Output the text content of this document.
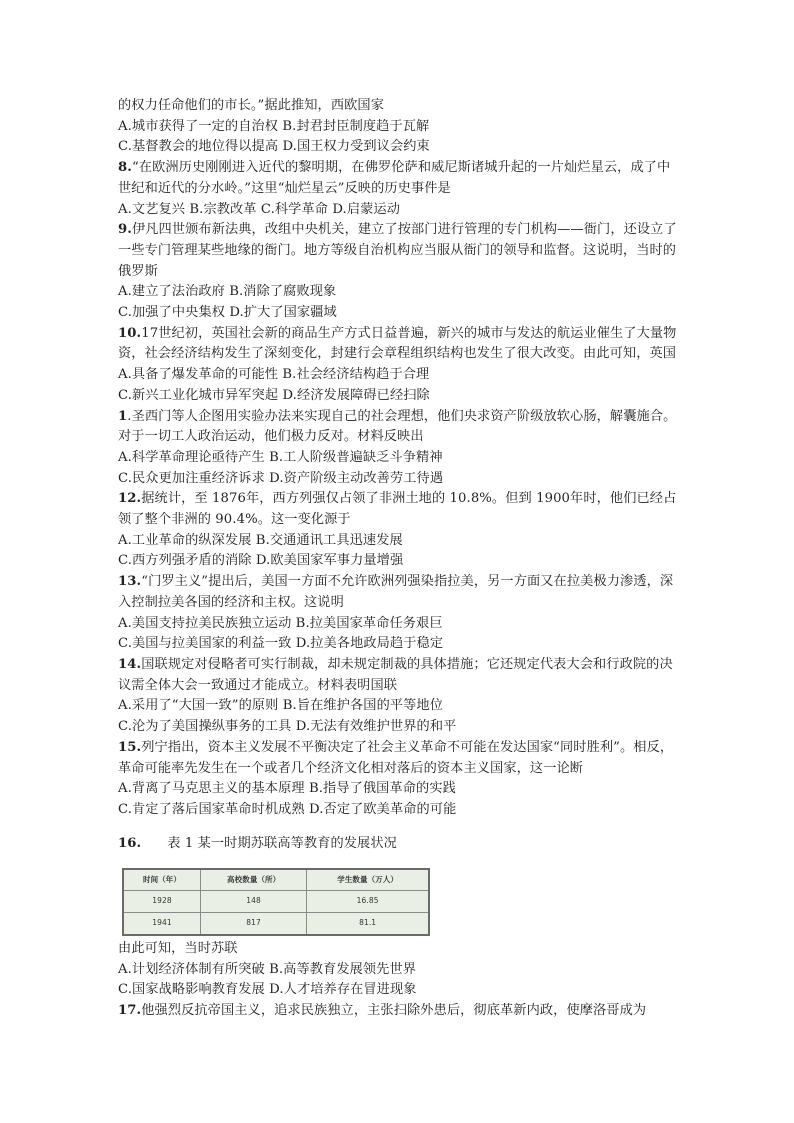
的权力任命他们的市长。”据此推知，西欧国家

A.城市获得了一定的自治权 B.封君封臣制度趋于瓦解

C.基督教会的地位得以提高 D.国王权力受到议会约束

8.“在欧洲历史刚刚进入近代的黎明期，在佛罗伦萨和威尼斯诸城升起的一片灿烂星云，成了中世纪和近代的分水岭。”这里“灿烂星云”反映的历史事件是

A.文艺复兴 B.宗教改革 C.科学革命 D.启蒙运动

9.伊凡四世颁布新法典，改组中央机关，建立了按部门进行管理的专门机构——衙门，还设立了一些专门管理某些地缘的衙门。地方等级自治机构应当服从衙门的领导和监督。这说明，当时的俄罗斯

A.建立了法治政府 B.消除了腐败现象

C.加强了中央集权 D.扩大了国家疆域

10.17世纪初，英国社会新的商品生产方式日益普遍，新兴的城市与发达的航运业催生了大量物资，社会经济结构发生了深刻变化，封建行会章程组织结构也发生了很大改变。由此可知，英国

A.具备了爆发革命的可能性 B.社会经济结构趋于合理

C.新兴工业化城市异军突起 D.经济发展障碍已经扫除

1.圣西门等人企图用实验办法来实现自己的社会理想，他们央求资产阶级放软心肠，解囊施合。对于一切工人政治运动，他们极力反对。材料反映出

A.科学革命理论亟待产生 B.工人阶级普遍缺乏斗争精神

C.民众更加注重经济诉求 D.资产阶级主动改善劳工待遇

12.据统计，至 1876年，西方列强仅占领了非洲土地的 10.8%。但到 1900年时，他们已经占领了整个非洲的 90.4%。这一变化源于

A.工业革命的纵深发展 B.交通通讯工具迅速发展

C.西方列强矛盾的消除 D.欧美国家军事力量增强

13.“门罗主义”提出后，美国一方面不允许欧洲列强染指拉美，另一方面又在拉美极力渗透，深入控制拉美各国的经济和主权。这说明

A.美国支持拉美民族独立运动 B.拉美国家革命任务艰巨

C.美国与拉美国家的利益一致 D.拉美各地政局趋于稳定

14.国联规定对侵略者可实行制裁，却未规定制裁的具体措施；它还规定代表大会和行政院的决议需全体大会一致通过才能成立。材料表明国联

A.采用了“大国一致”的原则 B.旨在维护各国的平等地位

C.沦为了美国操纵事务的工具 D.无法有效维护世界的和平

15.列宁指出，资本主义发展不平衡决定了社会主义革命不可能在发达国家“同时胜利”。相反，革命可能率先发生在一个或者几个经济文化相对落后的资本主义国家，这一论断

A.背离了马克思主义的基本原理 B.指导了俄国革命的实践

C.肯定了落后国家革命时机成熟 D.否定了欧美革命的可能

16. 表 1 某一时期苏联高等教育的发展状况

时间（年）	高校数量（所）	学生数量（万人）
1928	148	16.85
1941	817	81.1

由此可知，当时苏联

A.计划经济体制有所突破 B.高等教育发展领先世界

C.国家战略影响教育发展 D.人才培养存在冒进现象

17.他强烈反抗帝国主义，追求民族独立，主张扫除外患后，彻底革新内政，使摩洛哥成为
